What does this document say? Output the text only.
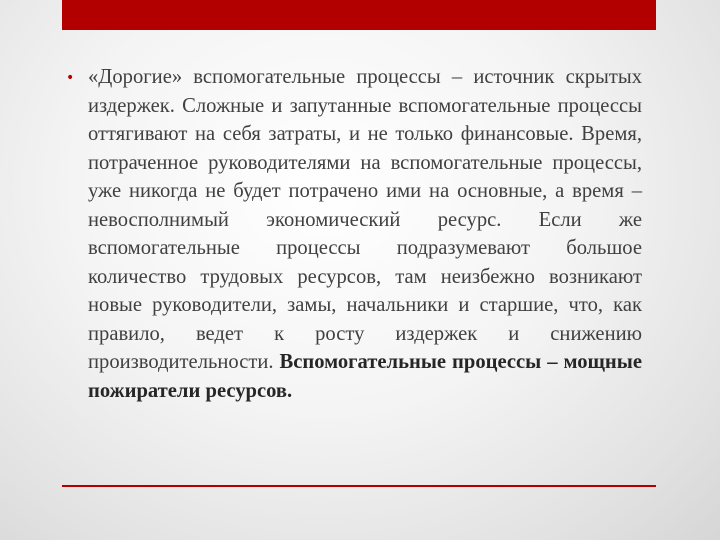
• «Дорогие» вспомогательные процессы – источник скрытых издержек. Сложные и запутанные вспомогательные процессы оттягивают на себя затраты, и не только финансовые. Время, потраченное руководителями на вспомогательные процессы, уже никогда не будет потрачено ими на основные, а время – невосполнимый экономический ресурс. Если же вспомогательные процессы подразумевают большое количество трудовых ресурсов, там неизбежно возникают новые руководители, замы, начальники и старшие, что, как правило, ведет к росту издержек и снижению производительности. Вспомогательные процессы – мощные пожиратели ресурсов.
